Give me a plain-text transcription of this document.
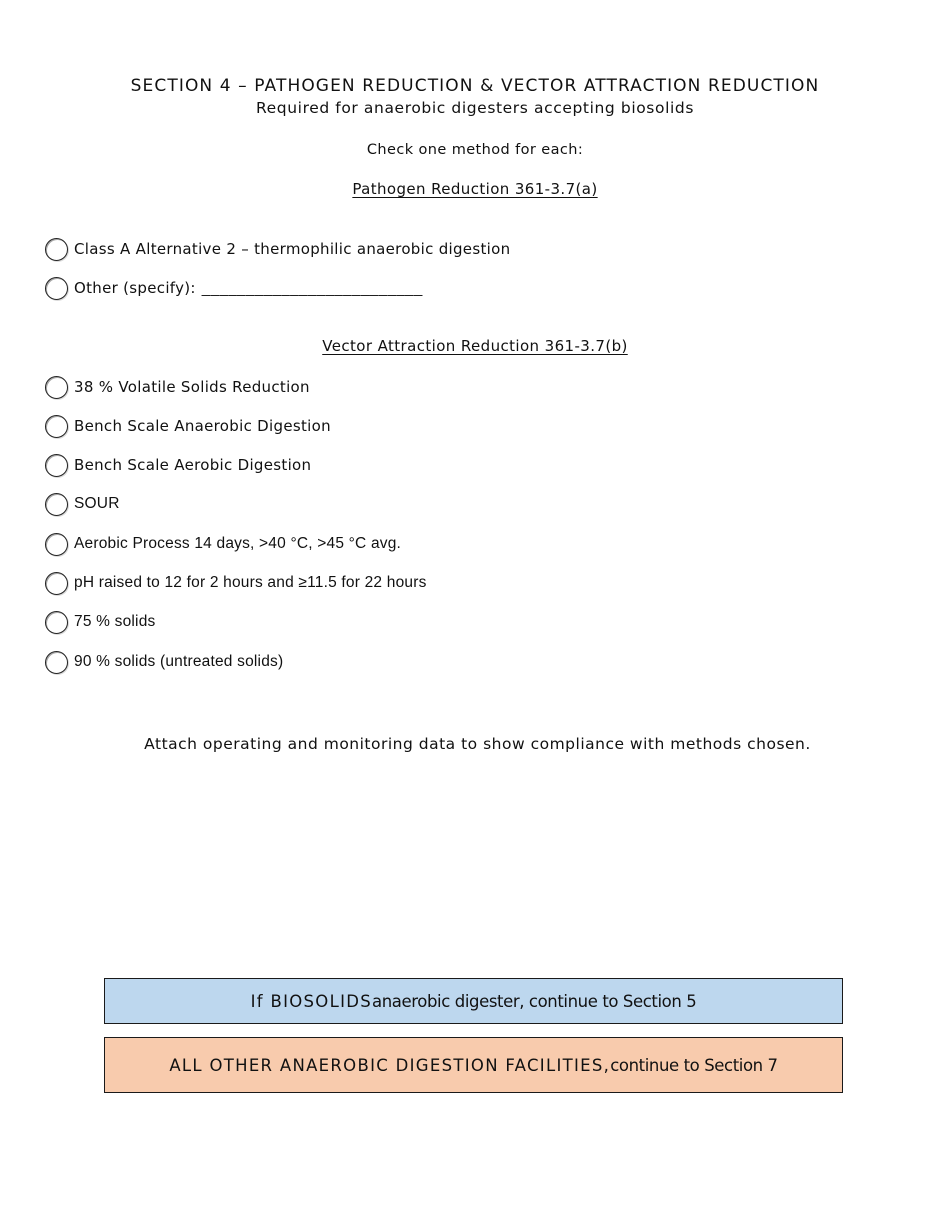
SECTION 4 – PATHOGEN REDUCTION & VECTOR ATTRACTION REDUCTION
Required for anaerobic digesters accepting biosolids
Check one method for each:
Pathogen Reduction 361-3.7(a)
Class A Alternative 2 – thermophilic anaerobic digestion
Other (specify): _________________________
Vector Attraction Reduction 361-3.7(b)
38 % Volatile Solids Reduction
Bench Scale Anaerobic Digestion
Bench Scale Aerobic Digestion
SOUR
Aerobic Process 14 days, >40 °C, >45 °C avg.
pH raised to 12 for 2 hours and ≥11.5 for 22 hours
75 % solids
90 % solids (untreated solids)
Attach operating and monitoring data to show compliance with methods chosen.
If BIOSOLIDS anaerobic digester, continue to Section 5
ALL OTHER ANAEROBIC DIGESTION FACILITIES, continue to Section 7
